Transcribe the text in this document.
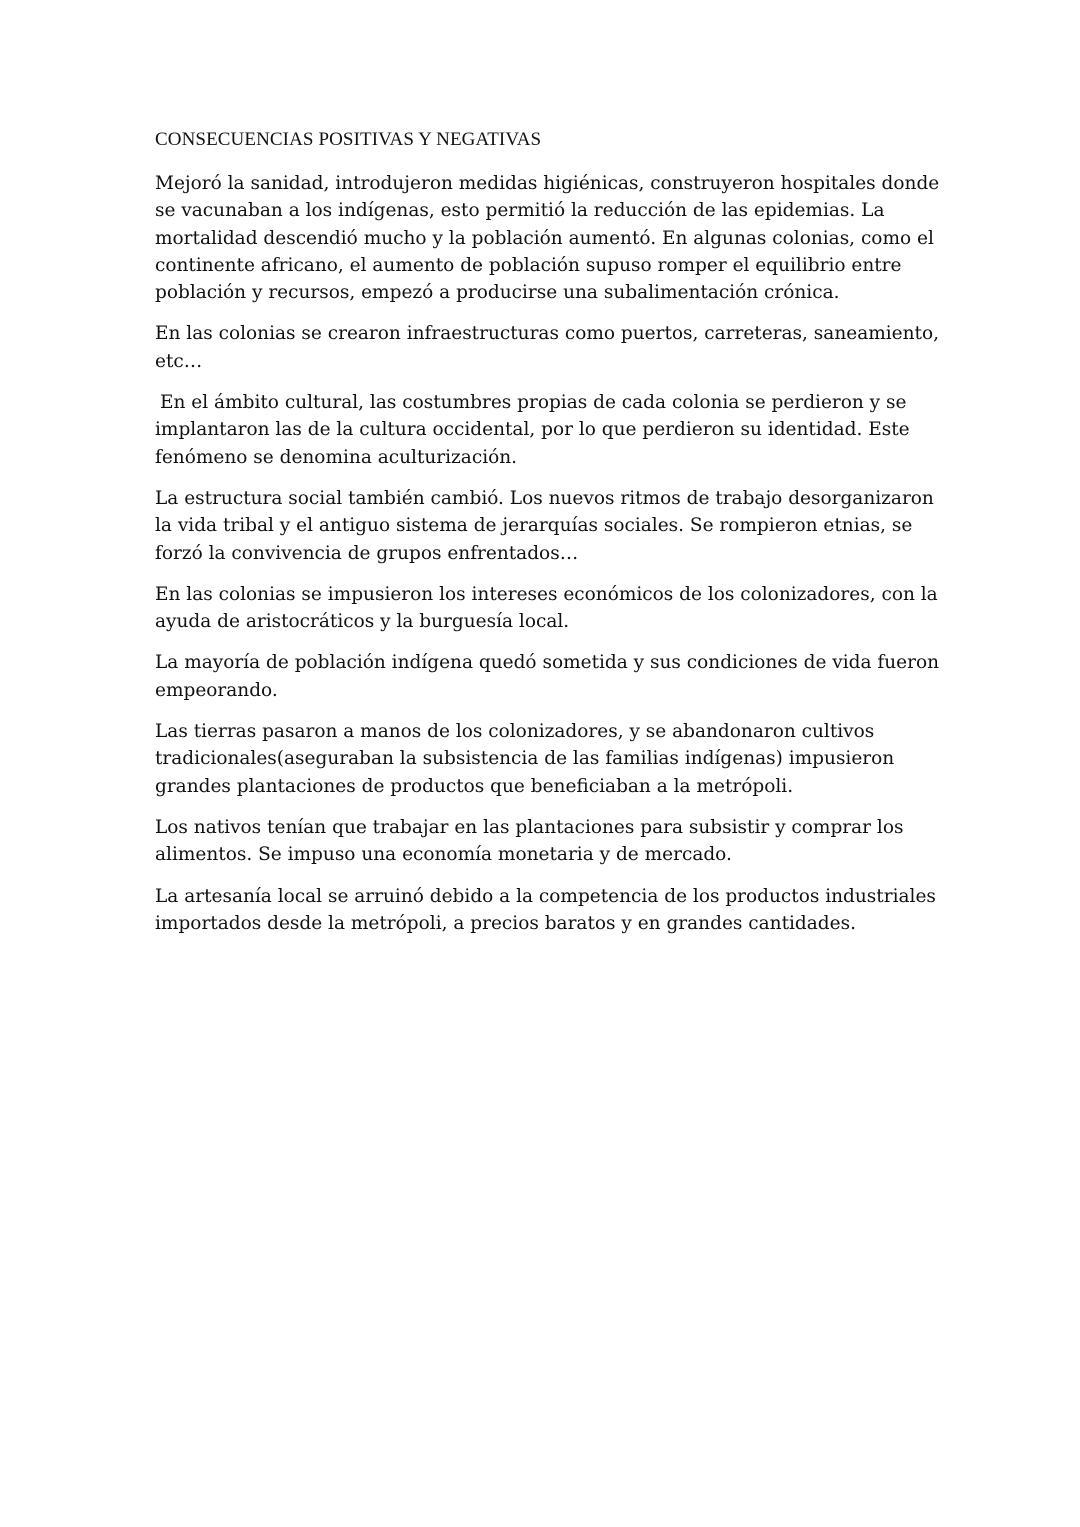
CONSECUENCIAS POSITIVAS Y NEGATIVAS

Mejoró la sanidad, introdujeron medidas higiénicas, construyeron hospitales donde se vacunaban a los indígenas, esto permitió la reducción de las epidemias. La mortalidad descendió mucho y la población aumentó. En algunas colonias, como el continente africano, el aumento de población supuso romper el equilibrio entre población y recursos, empezó a producirse una subalimentación crónica.

En las colonias se crearon infraestructuras como puertos, carreteras, saneamiento, etc…

En el ámbito cultural, las costumbres propias de cada colonia se perdieron y se implantaron las de la cultura occidental, por lo que perdieron su identidad. Este fenómeno se denomina aculturización.

La estructura social también cambió. Los nuevos ritmos de trabajo desorganizaron la vida tribal y el antiguo sistema de jerarquías sociales. Se rompieron etnias, se forzó la convivencia de grupos enfrentados…

En las colonias se impusieron los intereses económicos de los colonizadores, con la ayuda de aristocráticos y la burguesía local.

La mayoría de población indígena quedó sometida y sus condiciones de vida fueron empeorando.

Las tierras pasaron a manos de los colonizadores, y se abandonaron cultivos tradicionales(aseguraban la subsistencia de las familias indígenas) impusieron grandes plantaciones de productos que beneficiaban a la metrópoli.

Los nativos tenían que trabajar en las plantaciones para subsistir y comprar los alimentos. Se impuso una economía monetaria y de mercado.

La artesanía local se arruinó debido a la competencia de los productos industriales importados desde la metrópoli, a precios baratos y en grandes cantidades.
